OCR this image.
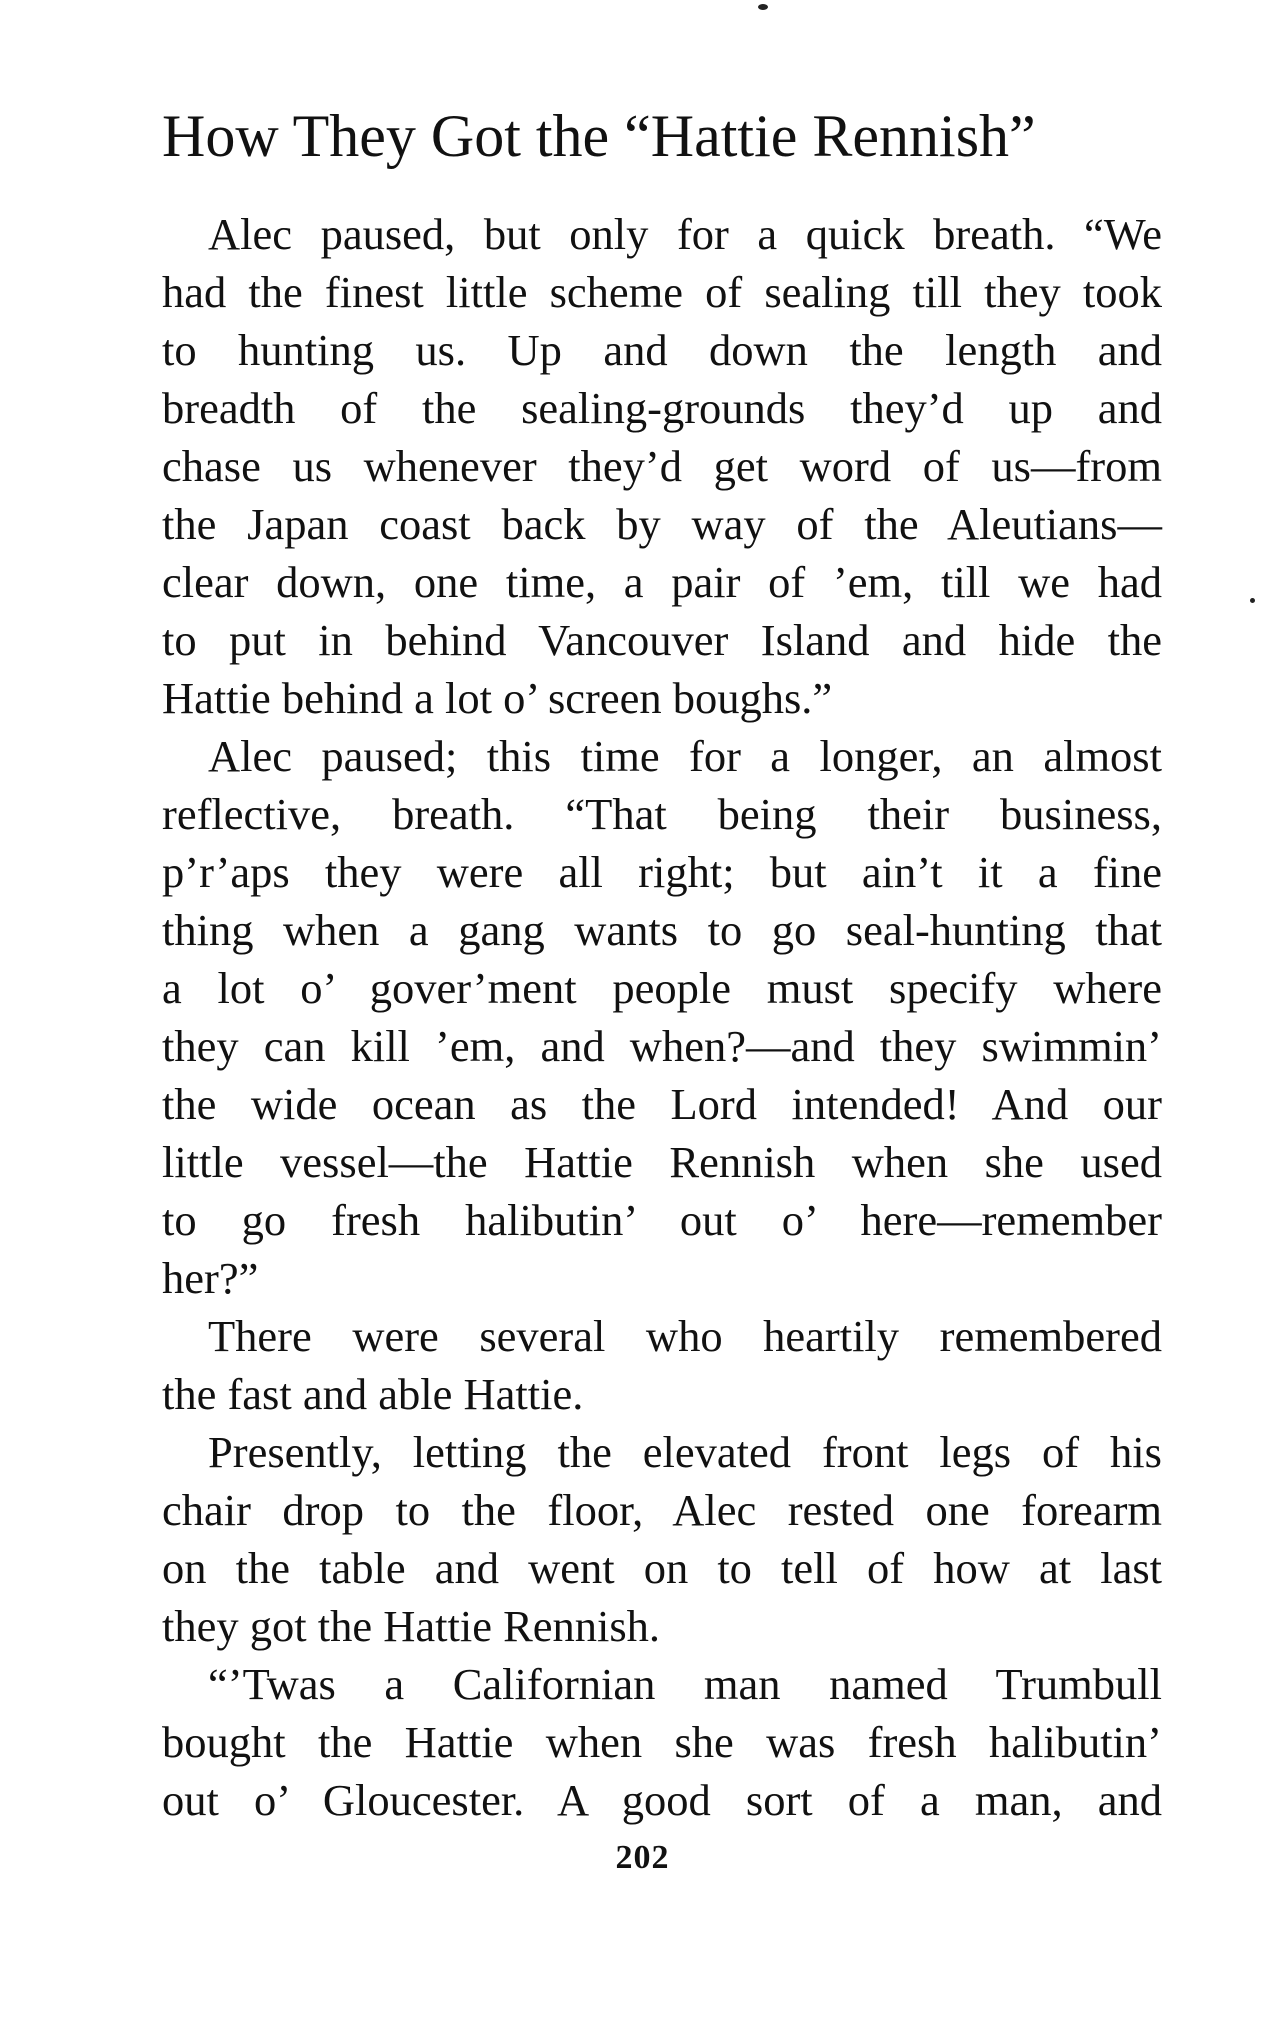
How They Got the “Hattie Rennish”

Alec paused, but only for a quick breath. “We
had the finest little scheme of sealing till they took
to hunting us. Up and down the length and
breadth of the sealing-grounds they’d up and
chase us whenever they’d get word of us—from
the Japan coast back by way of the Aleutians—
clear down, one time, a pair of ’em, till we had
to put in behind Vancouver Island and hide the
Hattie behind a lot o’ screen boughs.”

Alec paused; this time for a longer, an almost
reflective, breath. “That being their business,
p’r’aps they were all right; but ain’t it a fine
thing when a gang wants to go seal-hunting that
a lot o’ gover’ment people must specify where
they can kill ’em, and when?—and they swimmin’
the wide ocean as the Lord intended! And our
little vessel—the Hattie Rennish when she used
to go fresh halibutin’ out o’ here—remember
her?”

There were several who heartily remembered
the fast and able Hattie.

Presently, letting the elevated front legs of his
chair drop to the floor, Alec rested one forearm
on the table and went on to tell of how at last
they got the Hattie Rennish.

“’Twas a Californian man named Trumbull
bought the Hattie when she was fresh halibutin’
out o’ Gloucester. A good sort of a man, and

202
